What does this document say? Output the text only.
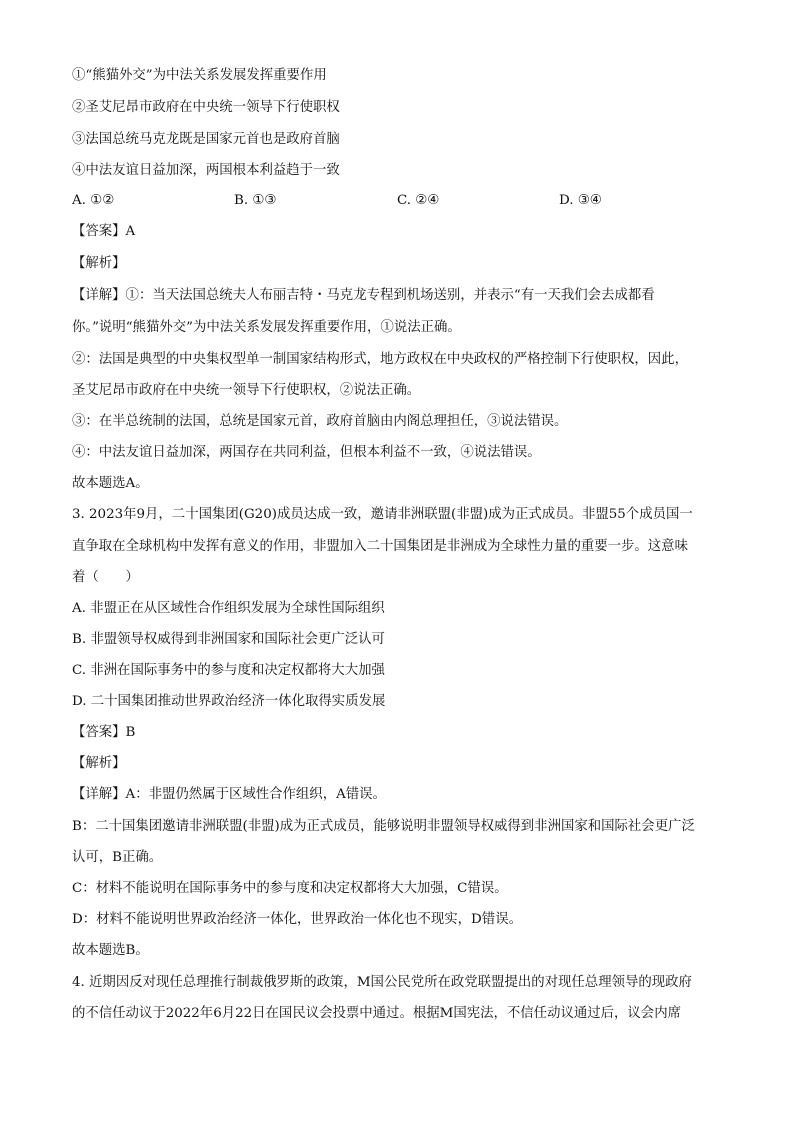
①“熊猫外交”为中法关系发展发挥重要作用
②圣艾尼昂市政府在中央统一领导下行使职权
③法国总统马克龙既是国家元首也是政府首脑
④中法友谊日益加深，两国根本利益趋于一致
A. ①②	B. ①③	C. ②④	D. ③④
【答案】A
【解析】
【详解】①：当天法国总统夫人布丽吉特・马克龙专程到机场送别，并表示“有一天我们会去成都看
你。”说明“熊猫外交”为中法关系发展发挥重要作用，①说法正确。
②：法国是典型的中央集权型单一制国家结构形式，地方政权在中央政权的严格控制下行使职权，因此，
圣艾尼昂市政府在中央统一领导下行使职权，②说法正确。
③：在半总统制的法国，总统是国家元首，政府首脑由内阁总理担任，③说法错误。
④：中法友谊日益加深，两国存在共同利益，但根本利益不一致，④说法错误。
故本题选A。
3. 2023年9月，二十国集团(G20)成员达成一致，邀请非洲联盟(非盟)成为正式成员。非盟55个成员国一
直争取在全球机构中发挥有意义的作用，非盟加入二十国集团是非洲成为全球性力量的重要一步。这意味
着（　　）
A. 非盟正在从区域性合作组织发展为全球性国际组织
B. 非盟领导权威得到非洲国家和国际社会更广泛认可
C. 非洲在国际事务中的参与度和决定权都将大大加强
D. 二十国集团推动世界政治经济一体化取得实质发展
【答案】B
【解析】
【详解】A：非盟仍然属于区域性合作组织，A错误。
B：二十国集团邀请非洲联盟(非盟)成为正式成员，能够说明非盟领导权威得到非洲国家和国际社会更广泛
认可，B正确。
C：材料不能说明在国际事务中的参与度和决定权都将大大加强，C错误。
D：材料不能说明世界政治经济一体化，世界政治一体化也不现实，D错误。
故本题选B。
4. 近期因反对现任总理推行制裁俄罗斯的政策，M国公民党所在政党联盟提出的对现任总理领导的现政府
的不信任动议于2022年6月22日在国民议会投票中通过。根据M国宪法，不信任动议通过后，议会内席
